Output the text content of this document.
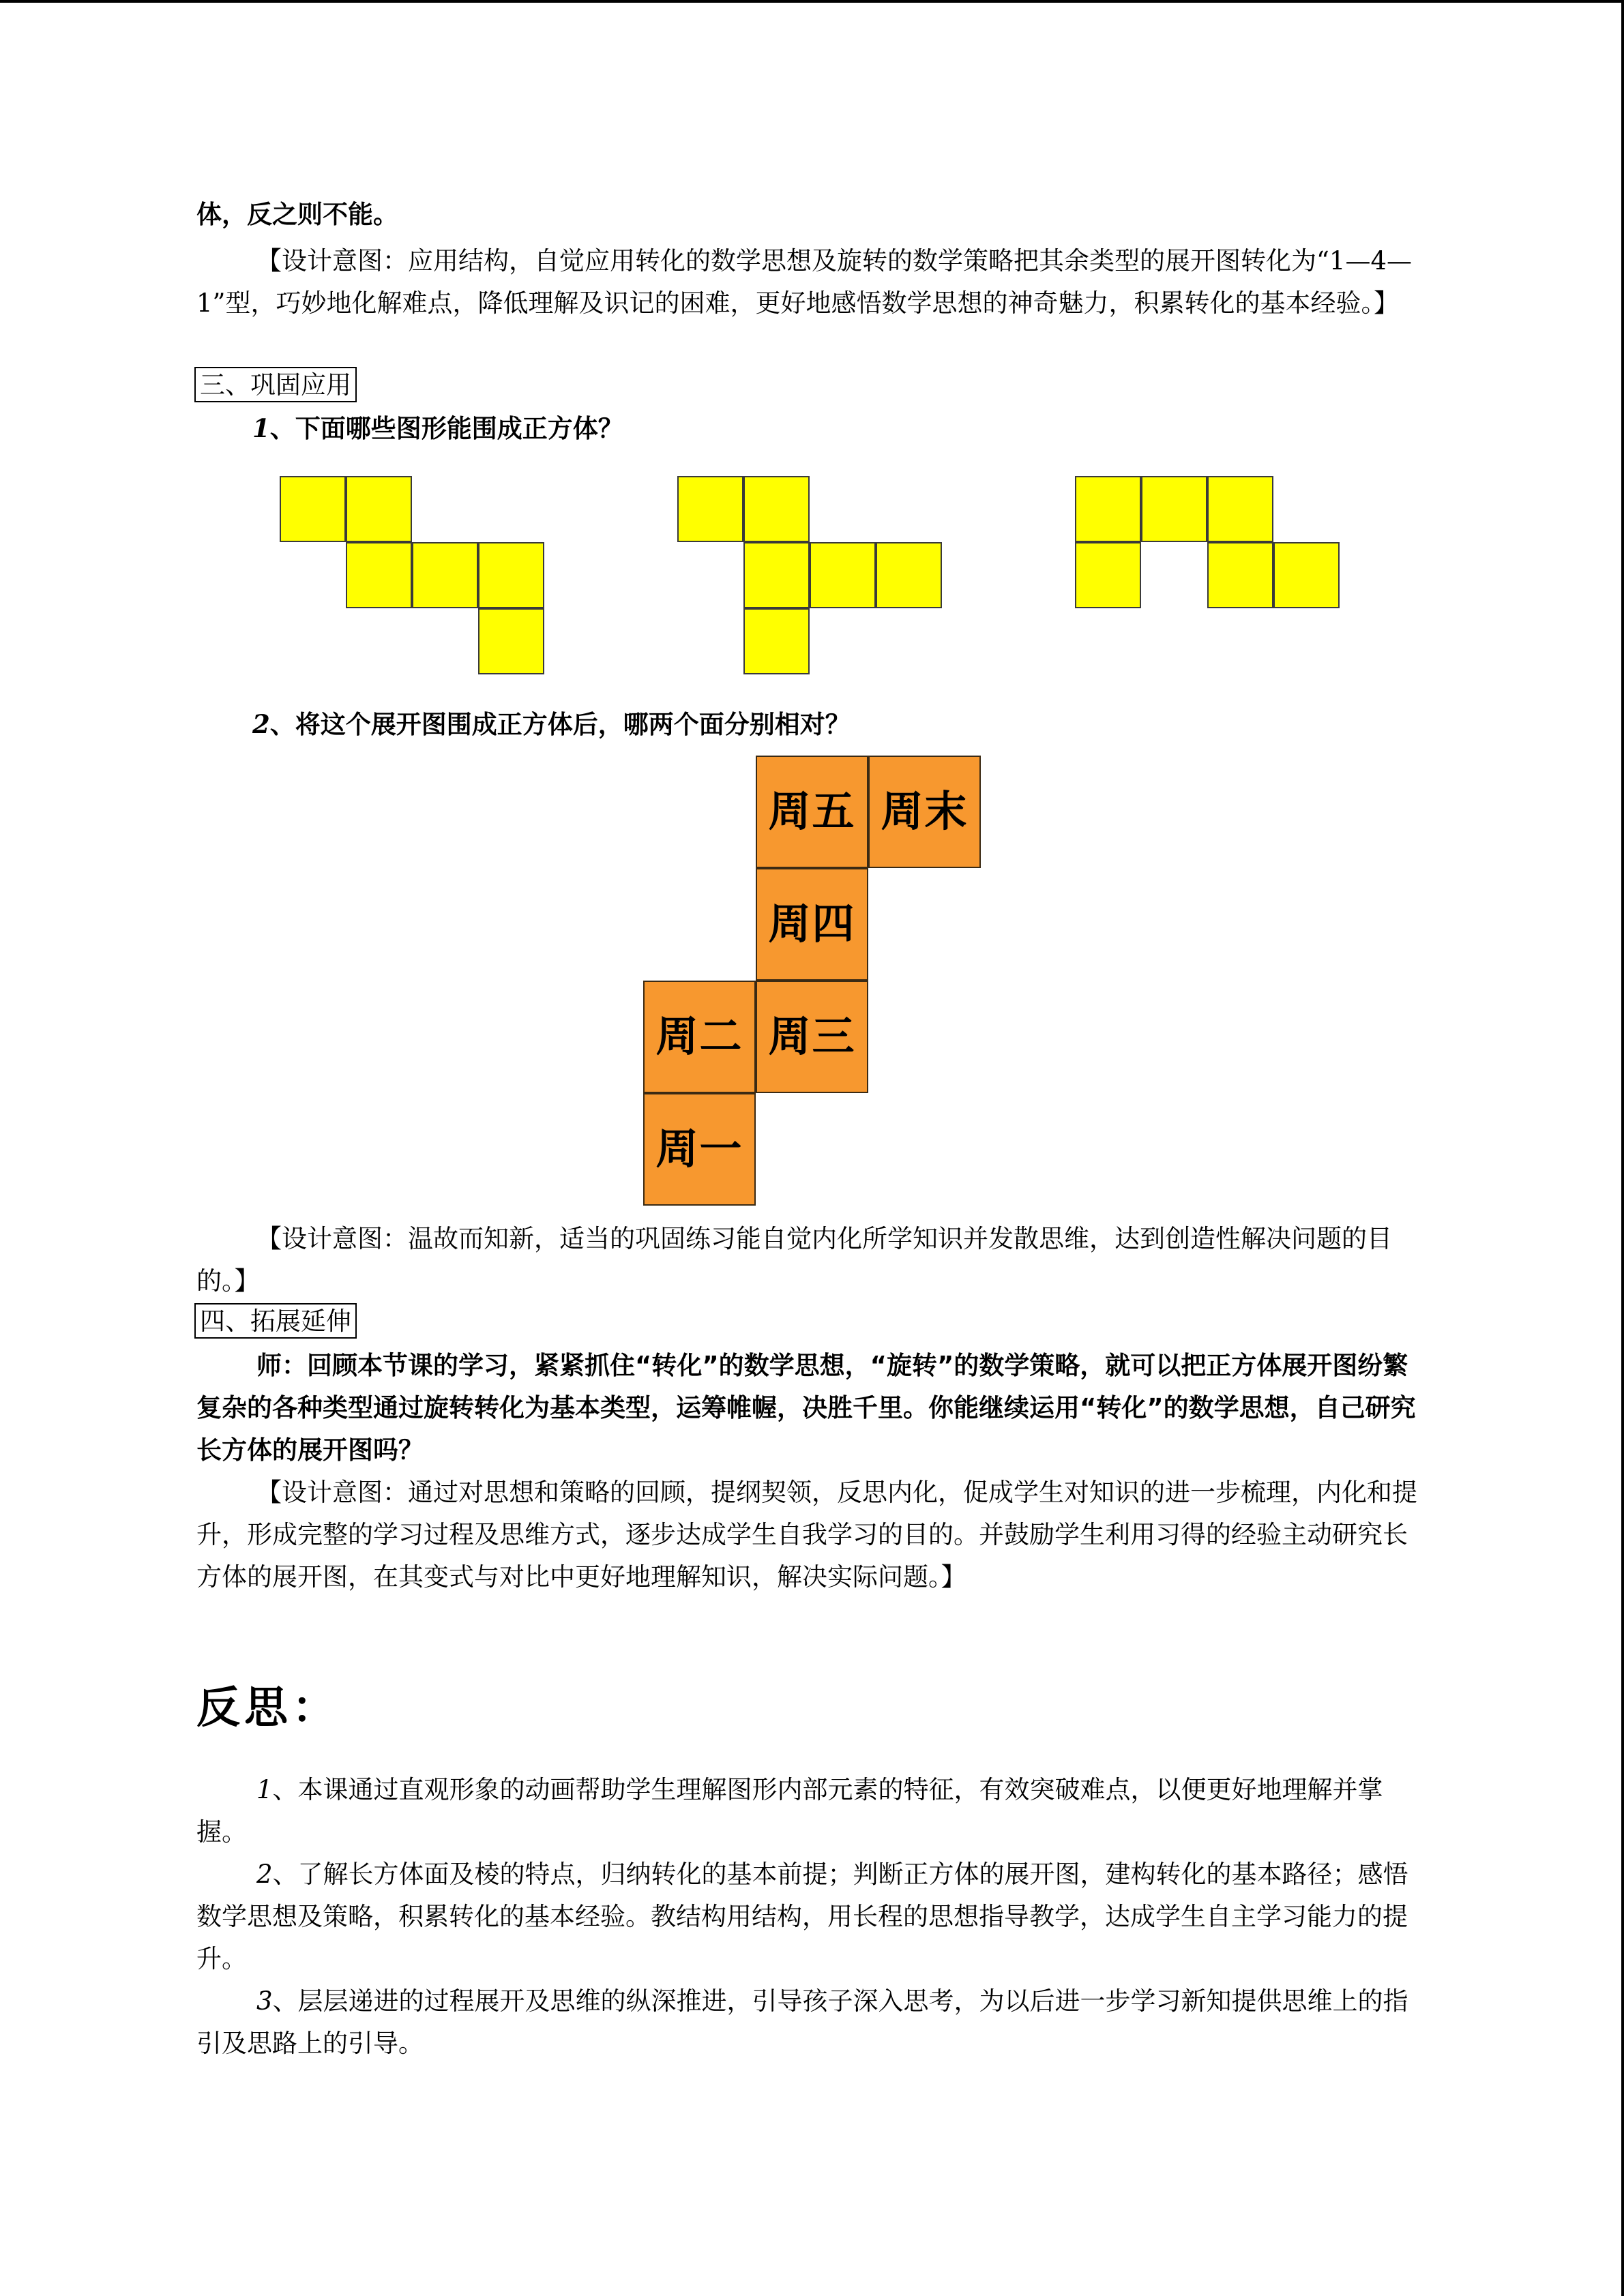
体，反之则不能。

【设计意图：应用结构，自觉应用转化的数学思想及旋转的数学策略把其余类型的展开图转化为“1—4—1”型，巧妙地化解难点，降低理解及识记的困难，更好地感悟数学思想的神奇魅力，积累转化的基本经验。】

三、巩固应用
1、下面哪些图形能围成正方体？
2、将这个展开图围成正方体后，哪两个面分别相对？
周五 周末
周四
周二 周三
周一

【设计意图：温故而知新，适当的巩固练习能自觉内化所学知识并发散思维，达到创造性解决问题的目的。】

四、拓展延伸

师：回顾本节课的学习，紧紧抓住“转化”的数学思想，“旋转”的数学策略，就可以把正方体展开图纷繁复杂的各种类型通过旋转转化为基本类型，运筹帷幄，决胜千里。你能继续运用“转化”的数学思想，自己研究长方体的展开图吗？

【设计意图：通过对思想和策略的回顾，提纲契领，反思内化，促成学生对知识的进一步梳理，内化和提升，形成完整的学习过程及思维方式，逐步达成学生自我学习的目的。并鼓励学生利用习得的经验主动研究长方体的展开图，在其变式与对比中更好地理解知识，解决实际问题。】

反思：

1、本课通过直观形象的动画帮助学生理解图形内部元素的特征，有效突破难点，以便更好地理解并掌握。

2、了解长方体面及棱的特点，归纳转化的基本前提；判断正方体的展开图，建构转化的基本路径；感悟数学思想及策略，积累转化的基本经验。教结构用结构，用长程的思想指导教学，达成学生自主学习能力的提升。

3、层层递进的过程展开及思维的纵深推进，引导孩子深入思考，为以后进一步学习新知提供思维上的指引及思路上的引导。
